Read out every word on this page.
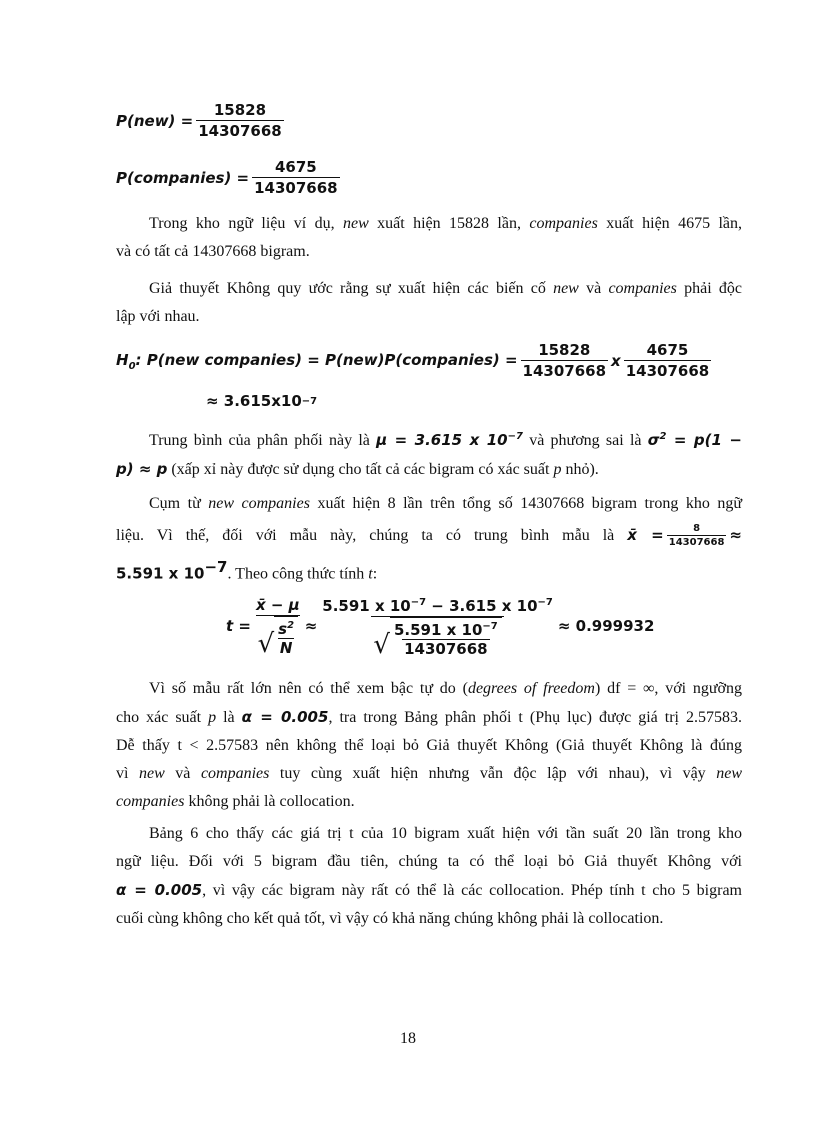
$P(new) = \frac{15828}{14307668}$
P(companies) = $\frac{4675}{14307668}$
Trong kho ngữ liệu ví dụ, new xuất hiện 15828 lần, companies xuất hiện 4675 lần,
và có tất cả 14307668 bigram.
Giả thuyết Không quy ước rằng sự xuất hiện các biến cố new và companies phải độc
lập với nhau.
$H_0$: P(new companies) = P(new)P(companies) = $\frac{15828}{14307668}$ x $\frac{4675}{14307668}$
≈ 3.615x10 −7
Trung bình của phân phối này là μ = 3.615 x $10^{-7}$ và phương sai là $\sigma^2 = p(1$ −
p) ≈ p (xấp xỉ này được sử dụng cho tất cả các bigram có xác suất p nhỏ).
Cụm từ new companies xuất hiện 8 lần trên tổng số 14307668 bigram trong kho ngữ
liệu. Vì thế, đối với mẫu này, chúng ta có trung bình mẫu là x̄ = $\frac{8}{14307668}$ ≈
5.591 x $10^{-7}$. Theo công thức tính t:
$t = \frac{x̄ - \mu}{√ \frac{s^2}{N}} \approx \frac{5.591 x 10^{-7} - 3.615 x 10^{-7}}{√ \frac{5.591 x 10^{-7}}{14307668}} \approx 0.999932$
Vì số mẫu rất lớn nên có thể xem bậc tự do (degrees of freedom) df = ∞, với ngưỡng
cho xác suất p là α = 0.005, tra trong Bảng phân phối t (Phụ lục) được giá trị 2.57583.
Dễ thấy t < 2.57583 nên không thể loại bỏ Giả thuyết Không (Giả thuyết Không là đúng
vì new và companies tuy cùng xuất hiện nhưng vẫn độc lập với nhau), vì vậy new
companies không phải là collocation.
Bảng 6 cho thấy các giá trị t của 10 bigram xuất hiện với tần suất 20 lần trong kho
ngữ liệu. Đối với 5 bigram đầu tiên, chúng ta có thể loại bỏ Giả thuyết Không với
α = 0.005, vì vậy các bigram này rất có thể là các collocation. Phép tính t cho 5 bigram
cuối cùng không cho kết quả tốt, vì vậy có khả năng chúng không phải là collocation.
18
